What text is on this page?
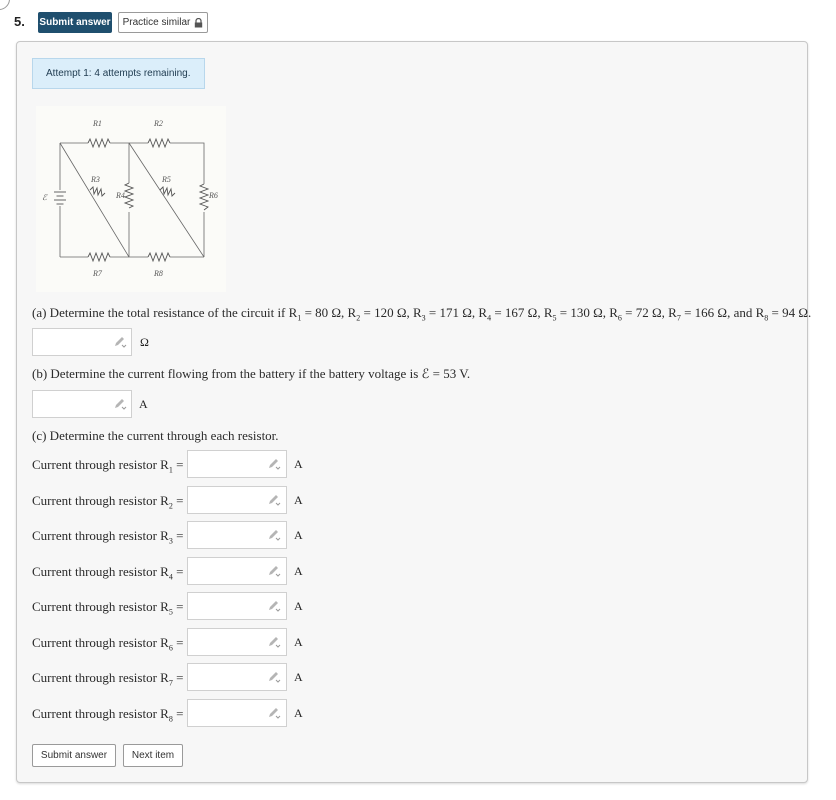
5. Submit answer Practice similar
Attempt 1: 4 attempts remaining.
R1	R2
R3
R4
R5
R6
R7	R8
ℰ
(a) Determine the total resistance of the circuit if $R_1 = 80$ Ω, $R_2 = 120$ Ω, $R_3 = 171$ Ω, $R_4 = 167$ Ω, $R_5 = 130$ Ω, $R_6 = 72$ Ω, $R_7 = 166$ Ω, and $R_8 = 94$ Ω.
Ω
(b) Determine the current flowing from the battery if the battery voltage is ℰ = 53 V.
A
(c) Determine the current through each resistor.
Current through resistor $R_1$ =	A
Current through resistor $R_2$ =	A
Current through resistor $R_3$ =	A
Current through resistor $R_4$ =	A
Current through resistor $R_5$ =	A
Current through resistor $R_6$ =	A
Current through resistor $R_7$ =	A
Current through resistor $R_8$ =	A
Submit answer	Next item
